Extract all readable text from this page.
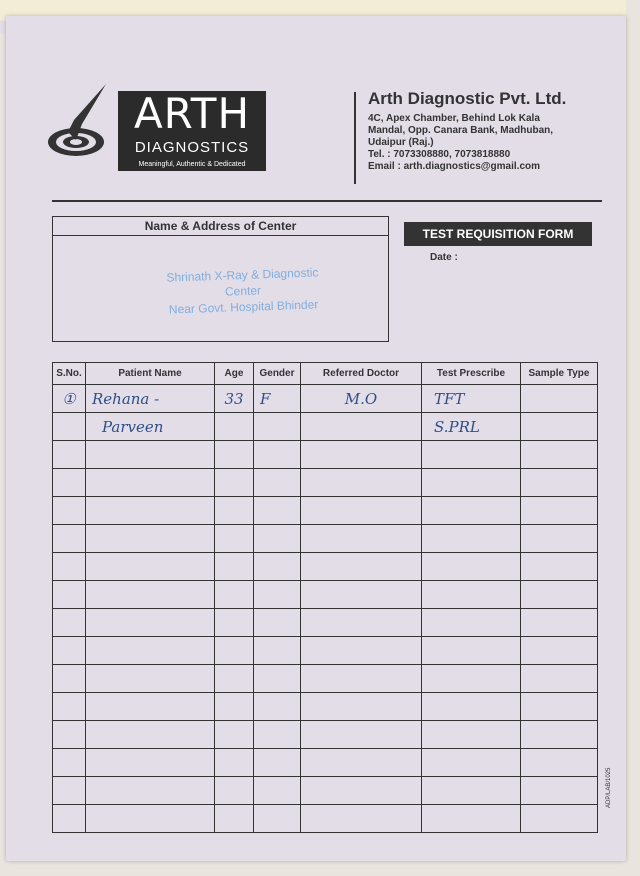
ARTH
DIAGNOSTICS
Meaningful, Authentic & Dedicated
Arth Diagnostic Pvt. Ltd.
4C, Apex Chamber, Behind Lok Kala
Mandal, Opp. Canara Bank, Madhuban,
Udaipur (Raj.)
Tel. : 7073308880, 7073818880
Email : arth.diagnostics@gmail.com
Name & Address of Center
Shrinath X-Ray & Diagnostic
Center
Near Govt. Hospital Bhinder
TEST REQUISITION FORM
Date :
S.No.	Patient Name	Age	Gender	Referred Doctor	Test Prescribe	Sample Type
①	Rehana -	33	F	M.O	TFT	
	Parveen				S.PRL	

ADP/LAB/1025
